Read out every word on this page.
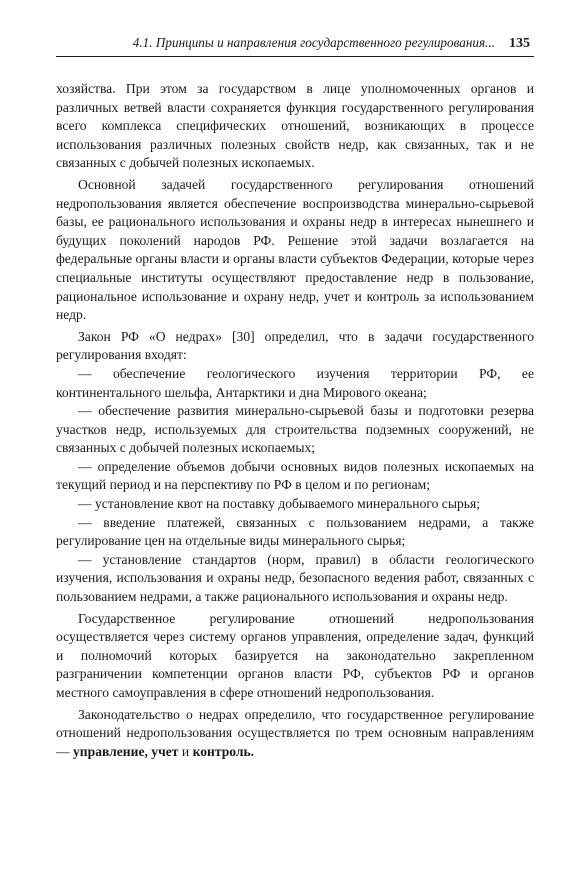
4.1. Принципы и направления государственного регулирования... 135

хозяйства. При этом за государством в лице уполномоченных органов и различных ветвей власти сохраняется функция государственного регулирования всего комплекса специфических отношений, возникающих в процессе использования различных полезных свойств недр, как связанных, так и не связанных с добычей полезных ископаемых.

Основной задачей государственного регулирования отношений недропользования является обеспечение воспроизводства минерально-сырьевой базы, ее рационального использования и охраны недр в интересах нынешнего и будущих поколений народов РФ. Решение этой задачи возлагается на федеральные органы власти и органы власти субъектов Федерации, которые через специальные институты осуществляют предоставление недр в пользование, рациональное использование и охрану недр, учет и контроль за использованием недр.

Закон РФ «О недрах» [30] определил, что в задачи государственного регулирования входят:

— обеспечение геологического изучения территории РФ, ее континентального шельфа, Антарктики и дна Мирового океана;

— обеспечение развития минерально-сырьевой базы и подготовки резерва участков недр, используемых для строительства подземных сооружений, не связанных с добычей полезных ископаемых;

— определение объемов добычи основных видов полезных ископаемых на текущий период и на перспективу по РФ в целом и по регионам;

— установление квот на поставку добываемого минерального сырья;

— введение платежей, связанных с пользованием недрами, а также регулирование цен на отдельные виды минерального сырья;

— установление стандартов (норм, правил) в области геологического изучения, использования и охраны недр, безопасного ведения работ, связанных с пользованием недрами, а также рационального использования и охраны недр.

Государственное регулирование отношений недропользования осуществляется через систему органов управления, определение задач, функций и полномочий которых базируется на законодательно закрепленном разграничении компетенции органов власти РФ, субъектов РФ и органов местного самоуправления в сфере отношений недропользования.

Законодательство о недрах определило, что государственное регулирование отношений недропользования осуществляется по трем основным направлениям — управление, учет и контроль.
